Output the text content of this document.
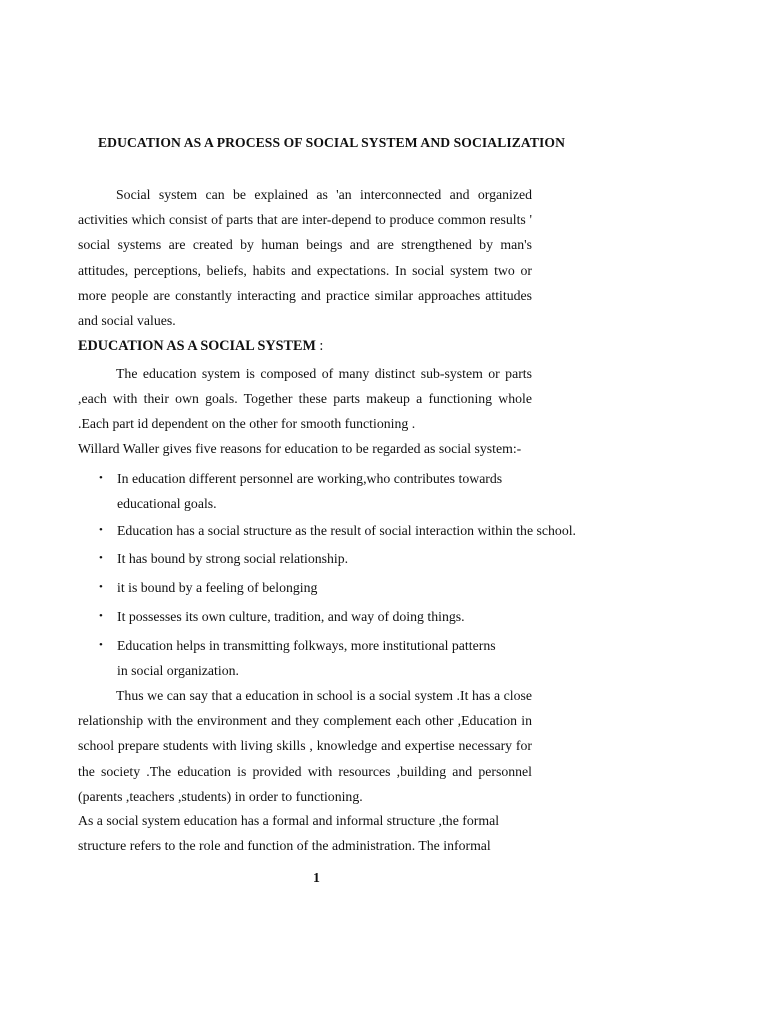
EDUCATION AS A PROCESS OF SOCIAL SYSTEM AND SOCIALIZATION
Social system can be explained as 'an interconnected and organized activities which consist of parts that are inter-depend to produce common results ' social systems are created by human beings and are strengthened by man's attitudes, perceptions, beliefs, habits and expectations. In social system two or more people are constantly interacting and practice similar approaches attitudes and social values.
EDUCATION AS A SOCIAL SYSTEM :
The education system is composed of many distinct sub-system or parts ,each with their own goals. Together these parts makeup a functioning whole .Each part id dependent on the other for smooth functioning .
Willard Waller gives five reasons for education to be regarded as social system:-
• In education different personnel are working,who contributes towards
educational goals.
• Education has a social structure as the result of social interaction within the school.
• It has bound by strong social relationship.
• it is bound by a feeling of belonging
• It possesses its own culture, tradition, and way of doing things.
• Education helps in transmitting folkways, more institutional patterns
in social organization.
Thus we can say that a education in school is a social system .It has a close relationship with the environment and they complement each other ,Education in school prepare students with living skills , knowledge and expertise necessary for the society .The education is provided with resources ,building and personnel (parents ,teachers ,students) in order to functioning.
As a social system education has a formal and informal structure ,the formal
structure refers to the role and function of the administration. The informal
1
